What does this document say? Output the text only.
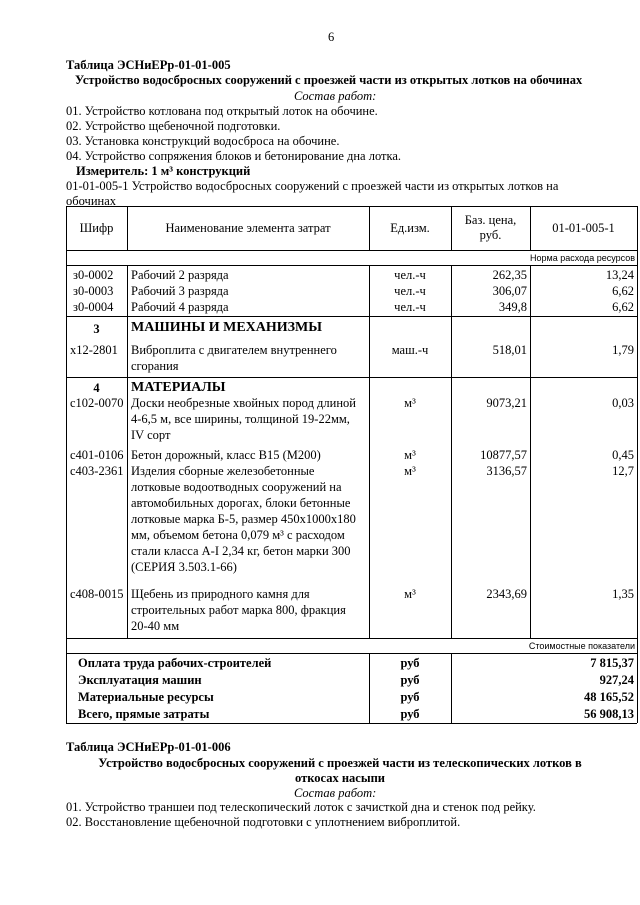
6
Таблица ЭСНиЕРр-01-01-005
Устройство водосбросных сооружений с проезжей части из открытых лотков на обочинах
Состав работ:
01. Устройство котлована под открытый лоток на обочине.
02. Устройство щебеночной подготовки.
03. Установка конструкций водосброса на обочине.
04. Устройство сопряжения блоков и бетонирование дна лотка.
Измеритель: 1 м³ конструкций
01-01-005-1 Устройство водосбросных сооружений с проезжей части из открытых лотков на
обочинах
Шифр	Наименование элемента затрат	Ед.изм.
Баз. цена,
руб.	01-01-005-1
Норма расхода ресурсов
з0-0002 Рабочий 2 разряда	чел.-ч	262,35	13,24
з0-0003 Рабочий 3 разряда	чел.-ч	306,07	6,62
з0-0004 Рабочий 4 разряда	чел.-ч	349,8	6,62
3	МАШИНЫ И МЕХАНИЗМЫ
х12-2801 Виброплита с двигателем внутреннего
сгорания
маш.-ч	518,01	1,79
4	МАТЕРИАЛЫ
с102-0070 Доски необрезные хвойных пород длиной
4-6,5 м, все ширины, толщиной 19-22мм,
IV сорт
м³	9073,21	0,03
с401-0106 Бетон дорожный, класс В15 (М200)	м³	10877,57	0,45
с403-2361 Изделия сборные железобетонные
лотковые водоотводных сооружений на
автомобильных дорогах, блоки бетонные
лотковые марка Б-5, размер 450х1000х180
мм, объемом бетона 0,079 м³ с расходом
стали класса А-I 2,34 кг, бетон марки 300
(СЕРИЯ 3.503.1-66)
м³	3136,57	12,7
с408-0015 Щебень из природного камня для
строительных работ марка 800, фракция
20-40 мм
м³	2343,69	1,35
Стоимостные показатели
Оплата труда рабочих-строителей	руб	7 815,37
Эксплуатация машин	руб	927,24
Материальные ресурсы	руб	48 165,52
Всего, прямые затраты	руб	56 908,13
Таблица ЭСНиЕРр-01-01-006
Устройство водосбросных сооружений с проезжей части из телескопических лотков в
откосах насыпи
Состав работ:
01. Устройство траншеи под телескопический лоток с зачисткой дна и стенок под рейку.
02. Восстановление щебеночной подготовки с уплотнением виброплитой.
